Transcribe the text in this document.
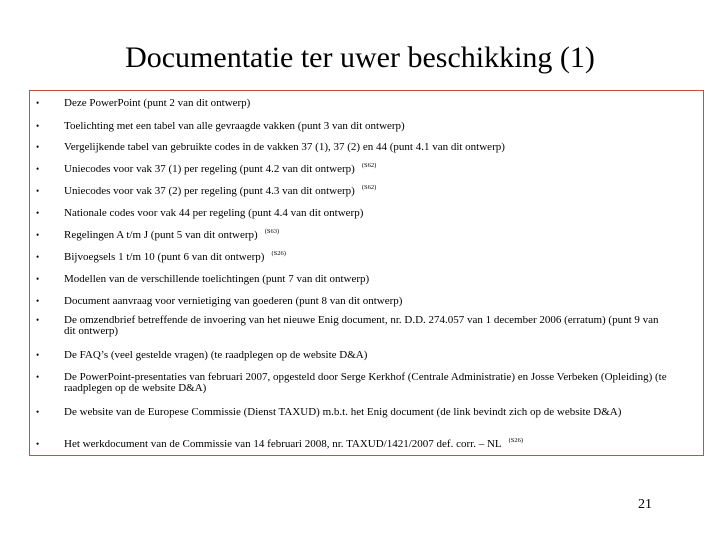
Documentatie ter uwer beschikking (1)
• Deze PowerPoint (punt 2 van dit ontwerp)
• Toelichting met een tabel van alle gevraagde vakken (punt 3 van dit ontwerp)
• Vergelijkende tabel van gebruikte codes in de vakken 37 (1), 37 (2) en 44 (punt 4.1 van dit ontwerp)
• Uniecodes voor vak 37 (1) per regeling (punt 4.2 van dit ontwerp) $^{(S62)}$
• Uniecodes voor vak 37 (2) per regeling (punt 4.3 van dit ontwerp) $^{(S62)}$
• Nationale codes voor vak 44 per regeling (punt 4.4 van dit ontwerp)
• Regelingen A t/m J (punt 5 van dit ontwerp) $^{(S63)}$
• Bijvoegsels 1 t/m 10 (punt 6 van dit ontwerp) $^{(S26)}$
• Modellen van de verschillende toelichtingen (punt 7 van dit ontwerp)
• Document aanvraag voor vernietiging van goederen (punt 8 van dit ontwerp)
• De omzendbrief betreffende de invoering van het nieuwe Enig document, nr. D.D. 274.057 van 1 december 2006 (erratum) (punt 9 van dit ontwerp)
• De FAQ’s (veel gestelde vragen) (te raadplegen op de website D&A)
• De PowerPoint-presentaties van februari 2007, opgesteld door Serge Kerkhof (Centrale Administratie) en Josse Verbeken (Opleiding) (te raadplegen op de website D&A)
• De website van de Europese Commissie (Dienst TAXUD) m.b.t. het Enig document (de link bevindt zich op de website D&A)
• Het werkdocument van de Commissie van 14 februari 2008, nr. TAXUD/1421/2007 def. corr. – NL $^{(S26)}$
21
